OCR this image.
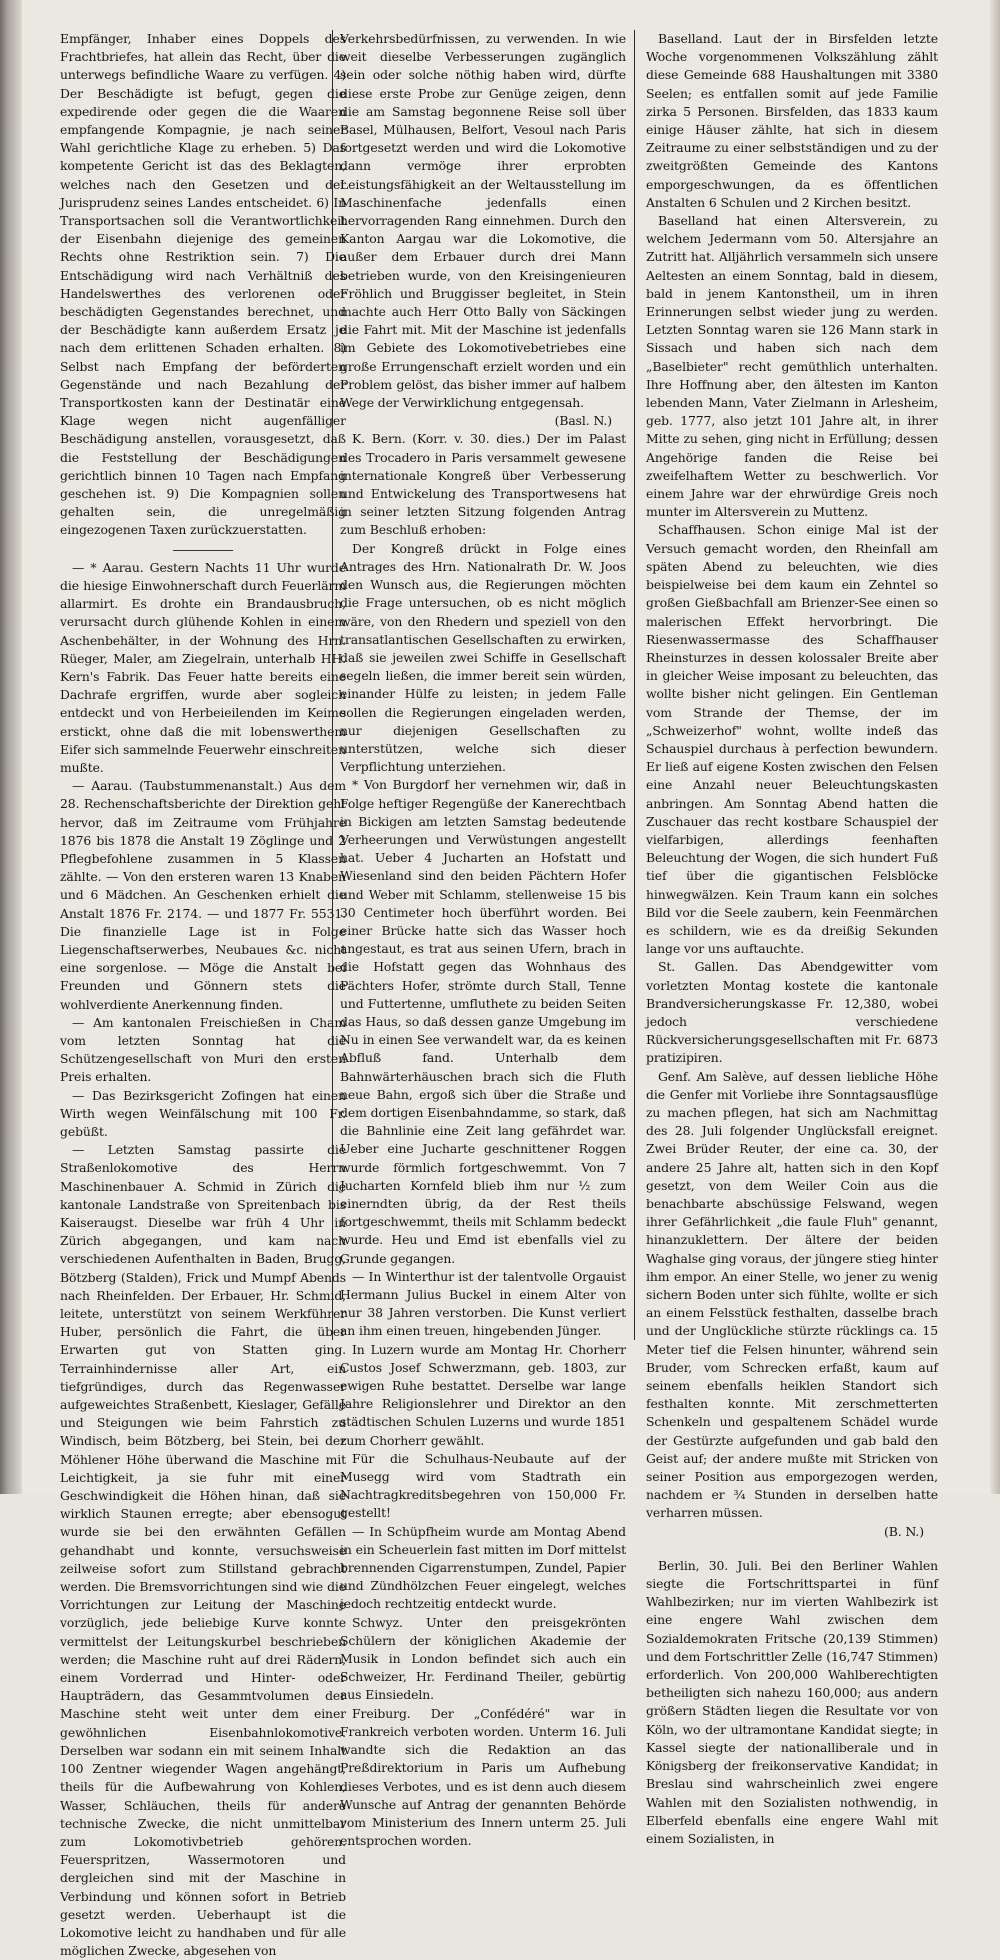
Empfänger, Inhaber eines Doppels des Frachtbriefes, hat allein das Recht, über die unterwegs befindliche Waare zu verfügen. 4) Der Beschädigte ist befugt, gegen die expedirende oder gegen die die Waaren empfangende Kompagnie, je nach seiner Wahl gerichtliche Klage zu erheben. 5) Das kompetente Gericht ist das des Beklagten, welches nach den Gesetzen und der Jurisprudenz seines Landes entscheidet. 6) In Transportsachen soll die Verantwortlichkeit der Eisenbahn diejenige des gemeinen Rechts ohne Restriktion sein. 7) Die Entschädigung wird nach Verhältniß des Handelswerthes des verlorenen oder beschädigten Gegenstandes berechnet, und der Beschädigte kann außerdem Ersatz je nach dem erlittenen Schaden erhalten. 8) Selbst nach Empfang der beförderten Gegenstände und nach Bezahlung der Transportkosten kann der Destinatär eine Klage wegen nicht augenfälliger Beschädigung anstellen, vorausgesetzt, daß die Feststellung der Beschädigungen gerichtlich binnen 10 Tagen nach Empfang geschehen ist. 9) Die Kompagnien sollen gehalten sein, die unregelmäßig eingezogenen Taxen zurückzuerstatten.

— * Aarau. Gestern Nachts 11 Uhr wurde die hiesige Einwohnerschaft durch Feuerlärm allarmirt. Es drohte ein Brandausbruch, verursacht durch glühende Kohlen in einem Aschenbehälter, in der Wohnung des Hrn. Rüeger, Maler, am Ziegelrain, unterhalb HH. Kern's Fabrik. Das Feuer hatte bereits eine Dachrafe ergriffen, wurde aber sogleich entdeckt und von Herbeieilenden im Keime erstickt, ohne daß die mit lobenswerthem Eifer sich sammelnde Feuerwehr einschreiten mußte.

— Aarau. (Taubstummenanstalt.) Aus dem 28. Rechenschaftsberichte der Direktion geht hervor, daß im Zeitraume vom Frühjahre 1876 bis 1878 die Anstalt 19 Zöglinge und 2 Pflegbefohlene zusammen in 5 Klassen zählte. — Von den ersteren waren 13 Knaben und 6 Mädchen. An Geschenken erhielt die Anstalt 1876 Fr. 2174. — und 1877 Fr. 5531. Die finanzielle Lage ist in Folge Liegenschaftserwerbes, Neubaues &c. nicht eine sorgenlose. — Möge die Anstalt bei Freunden und Gönnern stets die wohlverdiente Anerkennung finden.

— Am kantonalen Freischießen in Cham vom letzten Sonntag hat die Schützengesellschaft von Muri den ersten Preis erhalten.

— Das Bezirksgericht Zofingen hat einen Wirth wegen Weinfälschung mit 100 Fr. gebüßt.

— Letzten Samstag passirte die Straßenlokomotive des Herrn Maschinenbauer A. Schmid in Zürich die kantonale Landstraße von Spreitenbach bis Kaiseraugst. Dieselbe war früh 4 Uhr in Zürich abgegangen, und kam nach verschiedenen Aufenthalten in Baden, Brugg, Bötzberg (Stalden), Frick und Mumpf Abends nach Rheinfelden. Der Erbauer, Hr. Schmid, leitete, unterstützt von seinem Werkführer Huber, persönlich die Fahrt, die über Erwarten gut von Statten ging. Terrainhindernisse aller Art, ein tiefgründiges, durch das Regenwasser aufgeweichtes Straßenbett, Kieslager, Gefälle und Steigungen wie beim Fahrstich zu Windisch, beim Bötzberg, bei Stein, bei der Möhlener Höhe überwand die Maschine mit Leichtigkeit, ja sie fuhr mit einer Geschwindigkeit die Höhen hinan, daß sie wirklich Staunen erregte; aber ebensogut wurde sie bei den erwähnten Gefällen gehandhabt und konnte, versuchsweise zeilweise sofort zum Stillstand gebracht werden. Die Bremsvorrichtungen sind wie die Vorrichtungen zur Leitung der Maschine vorzüglich, jede beliebige Kurve konnte vermittelst der Leitungskurbel beschrieben werden; die Maschine ruht auf drei Rädern, einem Vorderrad und Hinter- oder Haupträdern, das Gesammtvolumen der Maschine steht weit unter dem einer gewöhnlichen Eisenbahnlokomotive. Derselben war sodann ein mit seinem Inhalt 100 Zentner wiegender Wagen angehängt, theils für die Aufbewahrung von Kohlen, Wasser, Schläuchen, theils für andere technische Zwecke, die nicht unmittelbar zum Lokomotivbetrieb gehören. Feuerspritzen, Wassermotoren und dergleichen sind mit der Maschine in Verbindung und können sofort in Betrieb gesetzt werden. Ueberhaupt ist die Lokomotive leicht zu handhaben und für alle möglichen Zwecke, abgesehen von

Verkehrsbedürfnissen, zu verwenden. In wie weit dieselbe Verbesserungen zugänglich sein oder solche nöthig haben wird, dürfte diese erste Probe zur Genüge zeigen, denn die am Samstag begonnene Reise soll über Basel, Mülhausen, Belfort, Vesoul nach Paris fortgesetzt werden und wird die Lokomotive dann vermöge ihrer erprobten Leistungsfähigkeit an der Weltausstellung im Maschinenfache jedenfalls einen hervorragenden Rang einnehmen. Durch den Kanton Aargau war die Lokomotive, die außer dem Erbauer durch drei Mann betrieben wurde, von den Kreisingenieuren Fröhlich und Bruggisser begleitet, in Stein machte auch Herr Otto Bally von Säckingen die Fahrt mit. Mit der Maschine ist jedenfalls im Gebiete des Lokomotivebetriebes eine große Errungenschaft erzielt worden und ein Problem gelöst, das bisher immer auf halbem Wege der Verwirklichung entgegensah.

(Basl. N.)

K. Bern. (Korr. v. 30. dies.) Der im Palast des Trocadero in Paris versammelt gewesene internationale Kongreß über Verbesserung und Entwickelung des Transportwesens hat in seiner letzten Sitzung folgenden Antrag zum Beschluß erhoben:

Der Kongreß drückt in Folge eines Antrages des Hrn. Nationalrath Dr. W. Joos den Wunsch aus, die Regierungen möchten die Frage untersuchen, ob es nicht möglich wäre, von den Rhedern und speziell von den transatlantischen Gesellschaften zu erwirken, daß sie jeweilen zwei Schiffe in Gesellschaft segeln ließen, die immer bereit sein würden, einander Hülfe zu leisten; in jedem Falle sollen die Regierungen eingeladen werden, nur diejenigen Gesellschaften zu unterstützen, welche sich dieser Verpflichtung unterziehen.

* Von Burgdorf her vernehmen wir, daß in Folge heftiger Regengüße der Kanerechtbach in Bickigen am letzten Samstag bedeutende Verheerungen und Verwüstungen angestellt hat. Ueber 4 Jucharten an Hofstatt und Wiesenland sind den beiden Pächtern Hofer und Weber mit Schlamm, stellenweise 15 bis 30 Centimeter hoch überführt worden. Bei einer Brücke hatte sich das Wasser hoch angestaut, es trat aus seinen Ufern, brach in die Hofstatt gegen das Wohnhaus des Pächters Hofer, strömte durch Stall, Tenne und Futtertenne, umfluthete zu beiden Seiten das Haus, so daß dessen ganze Umgebung im Nu in einen See verwandelt war, da es keinen Abfluß fand. Unterhalb dem Bahnwärterhäuschen brach sich die Fluth neue Bahn, ergoß sich über die Straße und dem dortigen Eisenbahndamme, so stark, daß die Bahnlinie eine Zeit lang gefährdet war. Ueber eine Jucharte geschnittener Roggen wurde förmlich fortgeschwemmt. Von 7 Jucharten Kornfeld blieb ihm nur ½ zum einerndten übrig, da der Rest theils fortgeschwemmt, theils mit Schlamm bedeckt wurde. Heu und Emd ist ebenfalls viel zu Grunde gegangen.

— In Winterthur ist der talentvolle Orgauist Hermann Julius Buckel in einem Alter von nur 38 Jahren verstorben. Die Kunst verliert an ihm einen treuen, hingebenden Jünger.

In Luzern wurde am Montag Hr. Chorherr Custos Josef Schwerzmann, geb. 1803, zur ewigen Ruhe bestattet. Derselbe war lange Jahre Religionslehrer und Direktor an den städtischen Schulen Luzerns und wurde 1851 zum Chorherr gewählt.

Für die Schulhaus-Neubaute auf der Musegg wird vom Stadtrath ein Nachtragkreditsbegehren von 150,000 Fr. gestellt!

— In Schüpfheim wurde am Montag Abend in ein Scheuerlein fast mitten im Dorf mittelst brennenden Cigarrenstumpen, Zundel, Papier und Zündhölzchen Feuer eingelegt, welches jedoch rechtzeitig entdeckt wurde.

Schwyz. Unter den preisgekrönten Schülern der königlichen Akademie der Musik in London befindet sich auch ein Schweizer, Hr. Ferdinand Theiler, gebürtig aus Einsiedeln.

Freiburg. Der „Confédéré" war in Frankreich verboten worden. Unterm 16. Juli wandte sich die Redaktion an das Preßdirektorium in Paris um Aufhebung dieses Verbotes, und es ist denn auch diesem Wunsche auf Antrag der genannten Behörde vom Ministerium des Innern unterm 25. Juli entsprochen worden.

Baselland. Laut der in Birsfelden letzte Woche vorgenommenen Volkszählung zählt diese Gemeinde 688 Haushaltungen mit 3380 Seelen; es entfallen somit auf jede Familie zirka 5 Personen. Birsfelden, das 1833 kaum einige Häuser zählte, hat sich in diesem Zeitraume zu einer selbstständigen und zu der zweitgrößten Gemeinde des Kantons emporgeschwungen, da es öffentlichen Anstalten 6 Schulen und 2 Kirchen besitzt.

Baselland hat einen Altersverein, zu welchem Jedermann vom 50. Altersjahre an Zutritt hat. Alljährlich versammeln sich unsere Aeltesten an einem Sonntag, bald in diesem, bald in jenem Kantonstheil, um in ihren Erinnerungen selbst wieder jung zu werden. Letzten Sonntag waren sie 126 Mann stark in Sissach und haben sich nach dem „Baselbieter" recht gemüthlich unterhalten. Ihre Hoffnung aber, den ältesten im Kanton lebenden Mann, Vater Zielmann in Arlesheim, geb. 1777, also jetzt 101 Jahre alt, in ihrer Mitte zu sehen, ging nicht in Erfüllung; dessen Angehörige fanden die Reise bei zweifelhaftem Wetter zu beschwerlich. Vor einem Jahre war der ehrwürdige Greis noch munter im Altersverein zu Muttenz.

Schaffhausen. Schon einige Mal ist der Versuch gemacht worden, den Rheinfall am späten Abend zu beleuchten, wie dies beispielweise bei dem kaum ein Zehntel so großen Gießbachfall am Brienzer-See einen so malerischen Effekt hervorbringt. Die Riesenwassermasse des Schaffhauser Rheinsturzes in dessen kolossaler Breite aber in gleicher Weise imposant zu beleuchten, das wollte bisher nicht gelingen. Ein Gentleman vom Strande der Themse, der im „Schweizerhof" wohnt, wollte indeß das Schauspiel durchaus à perfection bewundern. Er ließ auf eigene Kosten zwischen den Felsen eine Anzahl neuer Beleuchtungskasten anbringen. Am Sonntag Abend hatten die Zuschauer das recht kostbare Schauspiel der vielfarbigen, allerdings feenhaften Beleuchtung der Wogen, die sich hundert Fuß tief über die gigantischen Felsblöcke hinwegwälzen. Kein Traum kann ein solches Bild vor die Seele zaubern, kein Feenmärchen es schildern, wie es da dreißig Sekunden lange vor uns auftauchte.

St. Gallen. Das Abendgewitter vom vorletzten Montag kostete die kantonale Brandversicherungskasse Fr. 12,380, wobei jedoch verschiedene Rückversicherungsgesellschaften mit Fr. 6873 pratizipiren.

Genf. Am Salève, auf dessen liebliche Höhe die Genfer mit Vorliebe ihre Sonntagsausflüge zu machen pflegen, hat sich am Nachmittag des 28. Juli folgender Unglücksfall ereignet. Zwei Brüder Reuter, der eine ca. 30, der andere 25 Jahre alt, hatten sich in den Kopf gesetzt, von dem Weiler Coin aus die benachbarte abschüssige Felswand, wegen ihrer Gefährlichkeit „die faule Fluh" genannt, hinanzuklettern. Der ältere der beiden Waghalse ging voraus, der jüngere stieg hinter ihm empor. An einer Stelle, wo jener zu wenig sichern Boden unter sich fühlte, wollte er sich an einem Felsstück festhalten, dasselbe brach und der Unglückliche stürzte rücklings ca. 15 Meter tief die Felsen hinunter, während sein Bruder, vom Schrecken erfaßt, kaum auf seinem ebenfalls heiklen Standort sich festhalten konnte. Mit zerschmetterten Schenkeln und gespaltenem Schädel wurde der Gestürzte aufgefunden und gab bald den Geist auf; der andere mußte mit Stricken von seiner Position aus emporgezogen werden, nachdem er ¾ Stunden in derselben hatte verharren müssen.

(B. N.)

Berlin, 30. Juli. Bei den Berliner Wahlen siegte die Fortschrittspartei in fünf Wahlbezirken; nur im vierten Wahlbezirk ist eine engere Wahl zwischen dem Sozialdemokraten Fritsche (20,139 Stimmen) und dem Fortschrittler Zelle (16,747 Stimmen) erforderlich. Von 200,000 Wahlberechtigten betheiligten sich nahezu 160,000; aus andern größern Städten liegen die Resultate vor von Köln, wo der ultramontane Kandidat siegte; in Kassel siegte der nationalliberale und in Königsberg der freikonservative Kandidat; in Breslau sind wahrscheinlich zwei engere Wahlen mit den Sozialisten nothwendig, in Elberfeld ebenfalls eine engere Wahl mit einem Sozialisten, in
